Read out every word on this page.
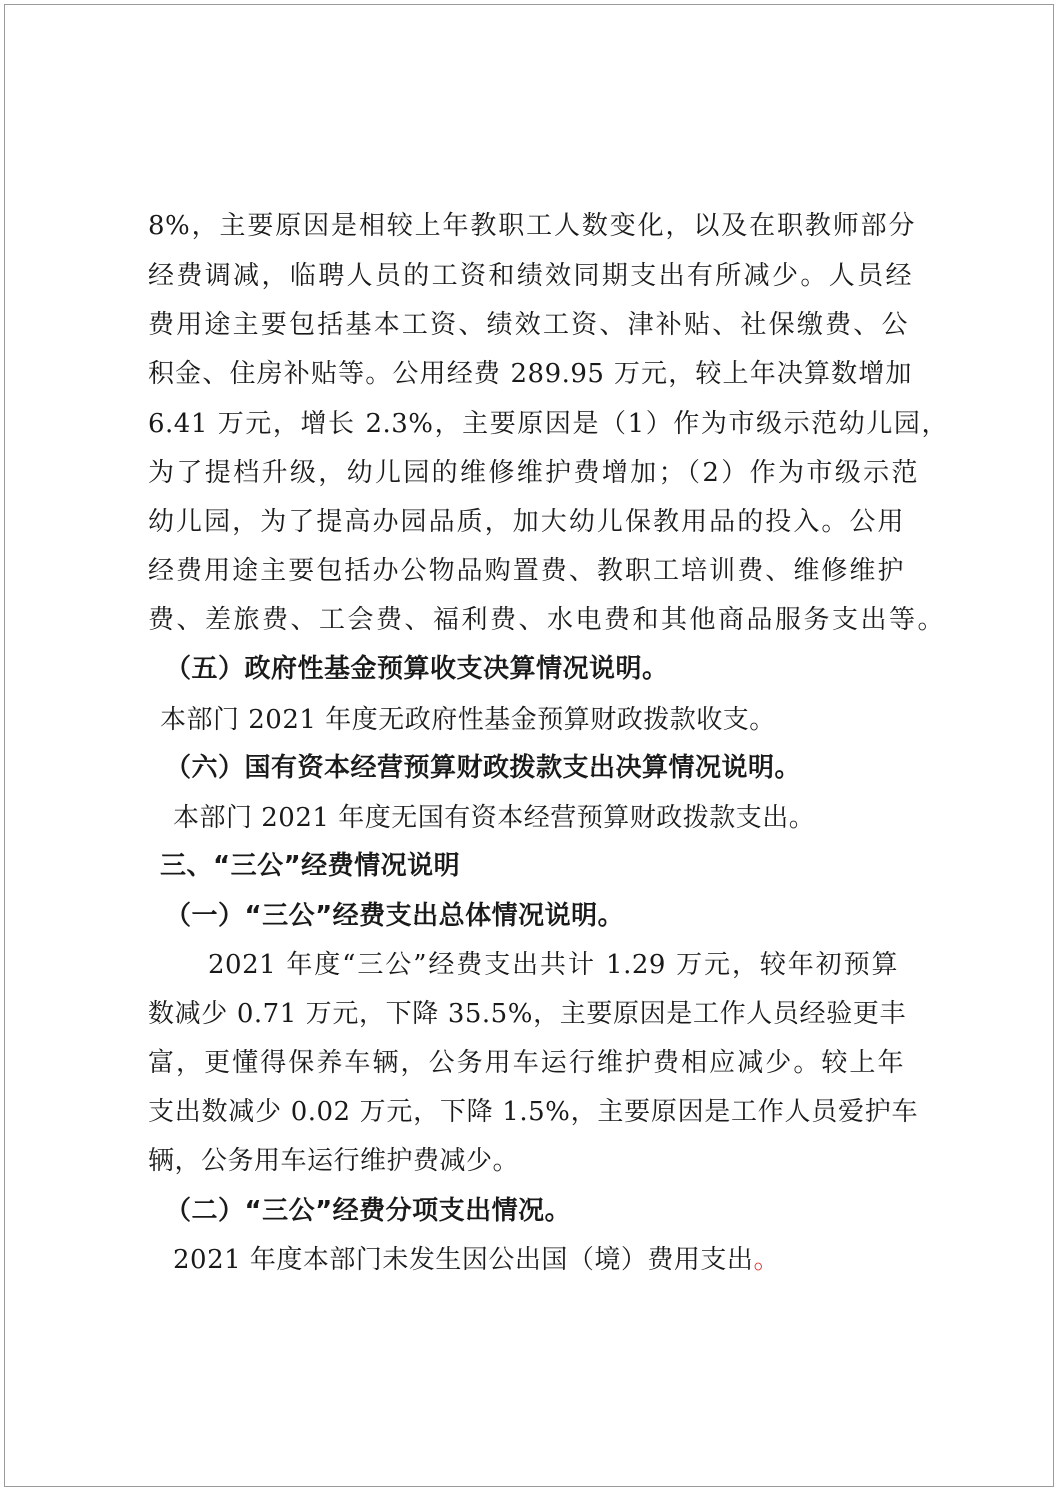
8%，主要原因是相较上年教职工人数变化，以及在职教师部分

经费调减，临聘人员的工资和绩效同期支出有所减少。人员经

费用途主要包括基本工资、绩效工资、津补贴、社保缴费、公

积金、住房补贴等。公用经费 289.95 万元，较上年决算数增加

6.41 万元，增长 2.3%，主要原因是（1）作为市级示范幼儿园，

为了提档升级，幼儿园的维修维护费增加；（2）作为市级示范

幼儿园，为了提高办园品质，加大幼儿保教用品的投入。公用

经费用途主要包括办公物品购置费、教职工培训费、维修维护

费、差旅费、工会费、福利费、水电费和其他商品服务支出等。

（五）政府性基金预算收支决算情况说明。

本部门 2021 年度无政府性基金预算财政拨款收支。

（六）国有资本经营预算财政拨款支出决算情况说明。

本部门 2021 年度无国有资本经营预算财政拨款支出。

三、“三公”经费情况说明

（一）“三公”经费支出总体情况说明。

2021 年度“三公”经费支出共计 1.29 万元，较年初预算

数减少 0.71 万元，下降 35.5%，主要原因是工作人员经验更丰

富，更懂得保养车辆，公务用车运行维护费相应减少。较上年

支出数减少 0.02 万元，下降 1.5%，主要原因是工作人员爱护车

辆，公务用车运行维护费减少。

（二）“三公”经费分项支出情况。

2021 年度本部门未发生因公出国（境）费用支出。
